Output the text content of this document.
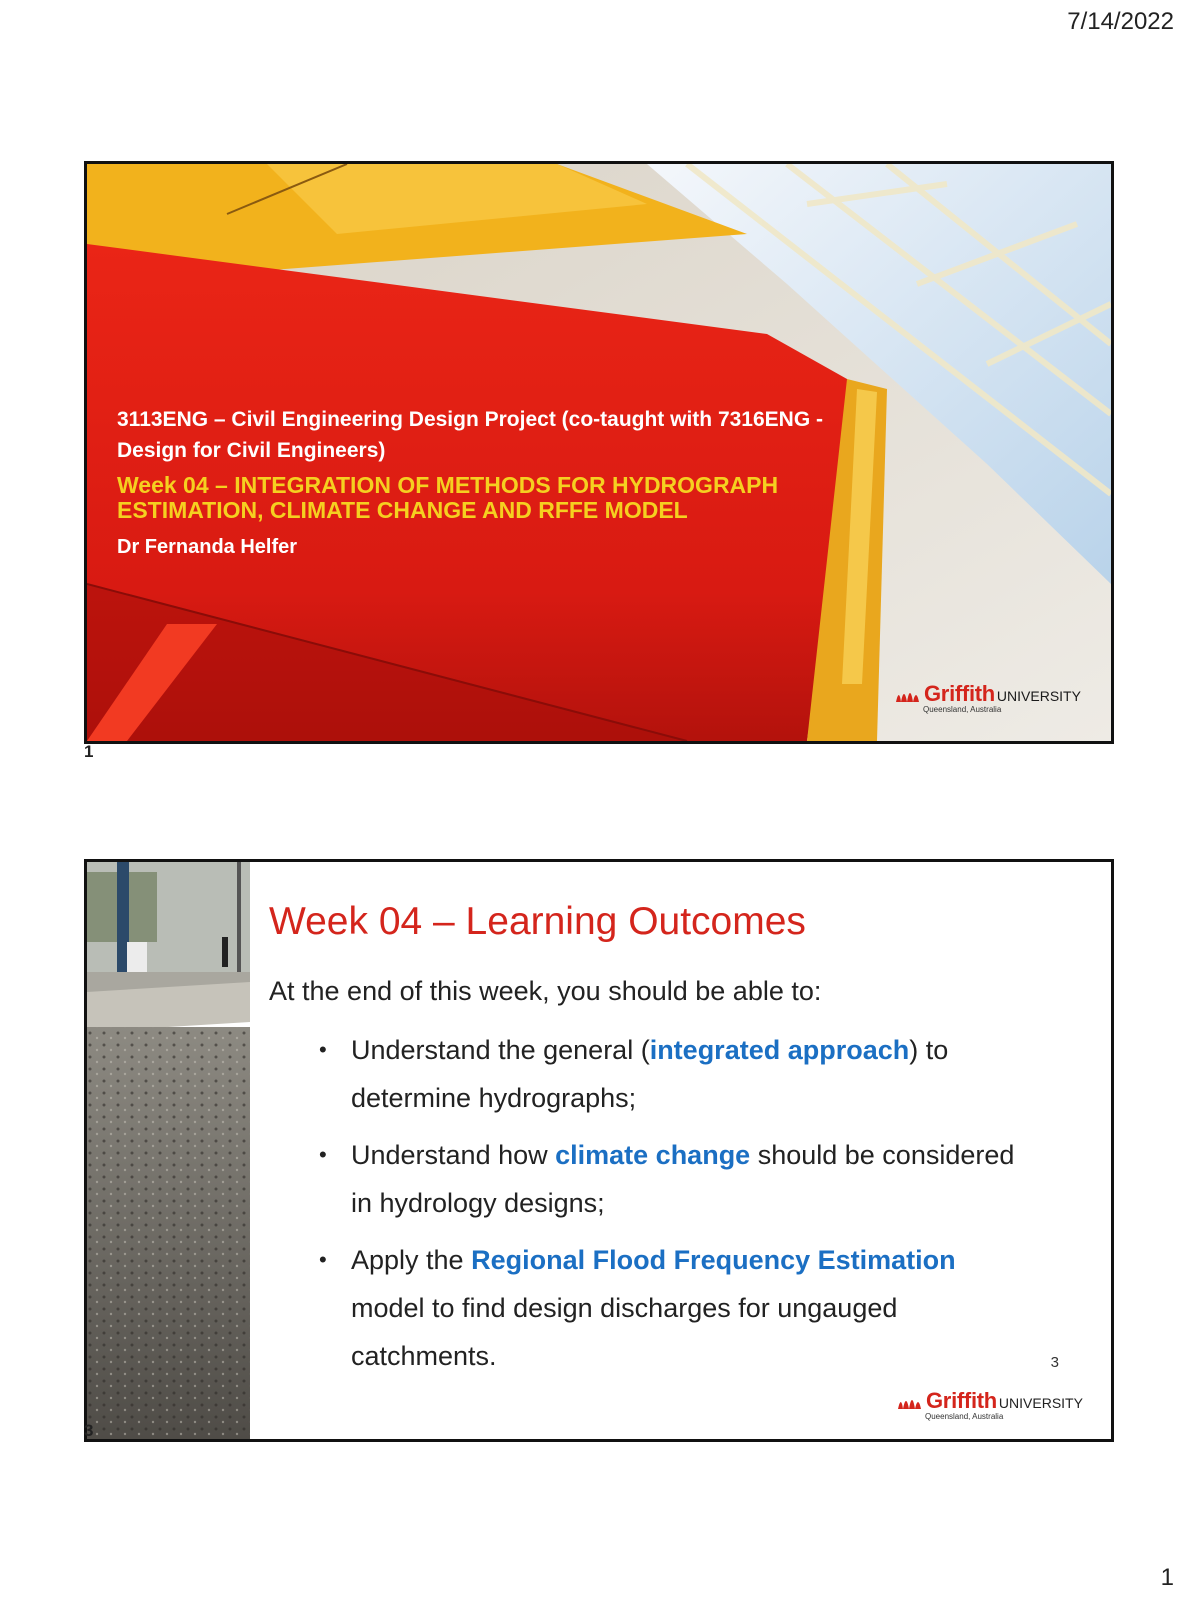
7/14/2022
3113ENG – Civil Engineering Design Project (co-taught with 7316ENG - Design for Civil Engineers)
Week 04 – INTEGRATION OF METHODS FOR HYDROGRAPH ESTIMATION, CLIMATE CHANGE AND RFFE MODEL
Dr Fernanda Helfer
Griffith UNIVERSITY
Queensland, Australia
1
Week 04 – Learning Outcomes
At the end of this week, you should be able to:
• Understand the general (integrated approach) to determine hydrographs;
• Understand how climate change should be considered in hydrology designs;
• Apply the Regional Flood Frequency Estimation model to find design discharges for ungauged catchments.	3
Griffith UNIVERSITY
Queensland, Australia
3
1
